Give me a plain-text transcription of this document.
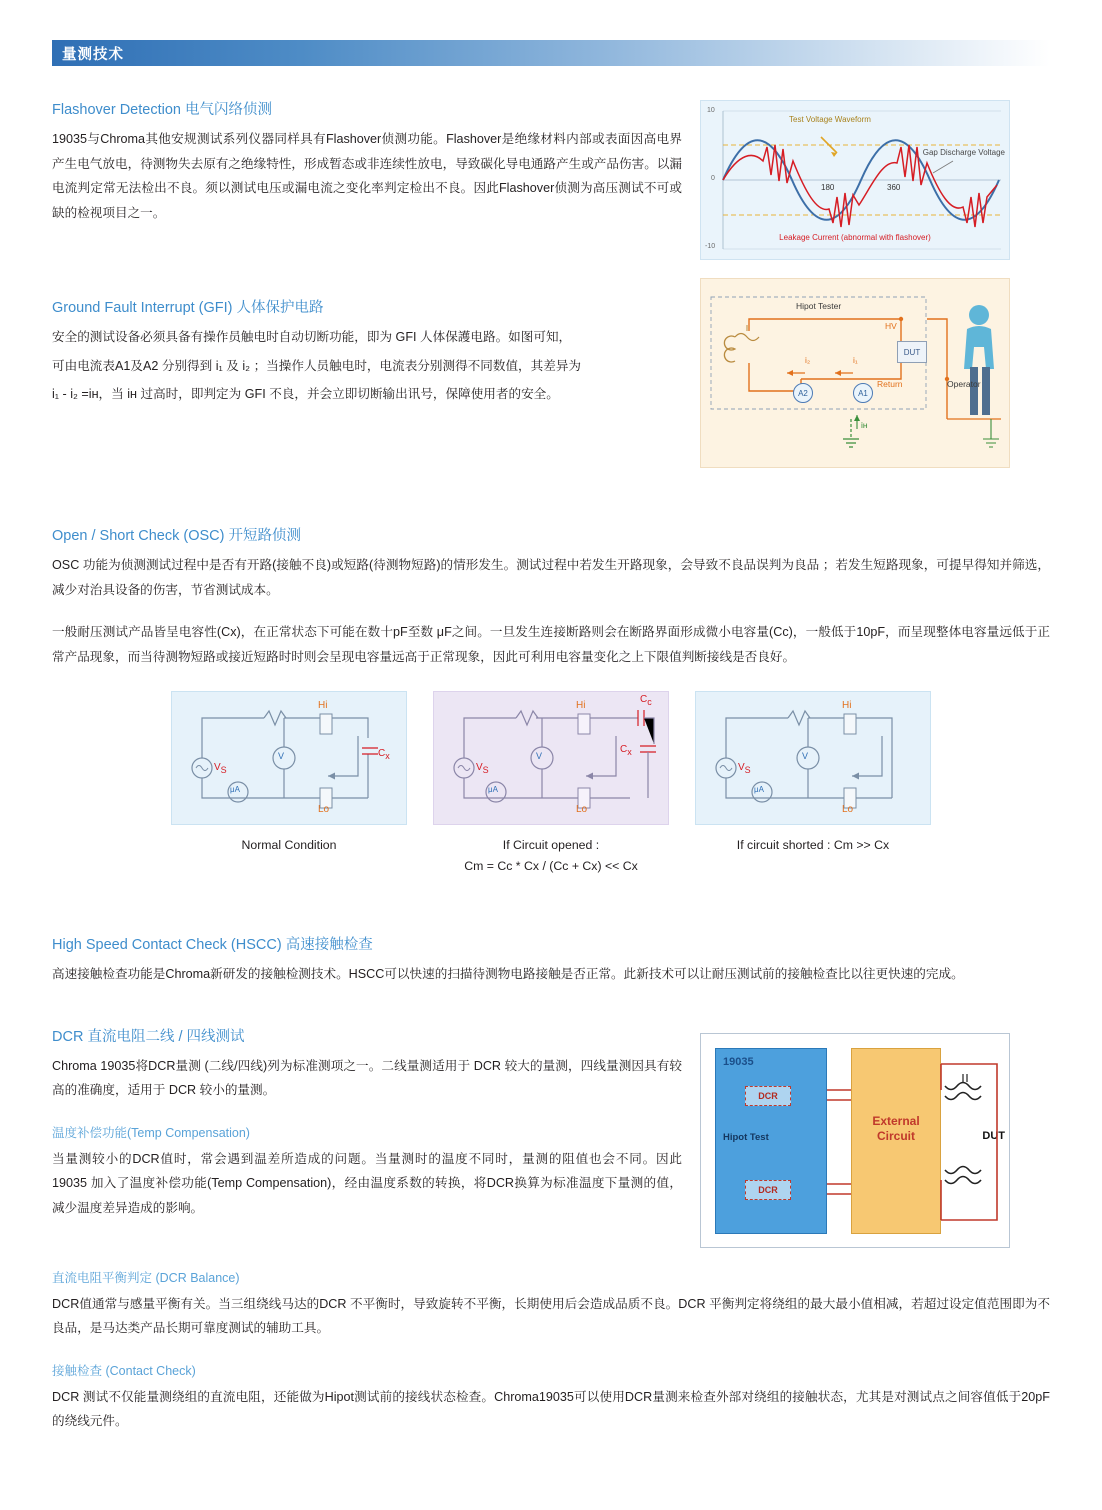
量测技术
Flashover Detection 电气闪络侦测

19035与Chroma其他安规测试系列仪器同样具有Flashover侦测功能。Flashover是绝缘材料内部或表面因高电界产生电气放电，待测物失去原有之绝缘特性，形成暂态或非连续性放电，导致碳化导电通路产生或产品伤害。以漏电流判定常无法检出不良。须以测试电压或漏电流之变化率判定检出不良。因此Flashover侦测为高压测试不可或缺的检视项目之一。

10
0
-10
Test Voltage Waveform
Gap Discharge Voltage
Leakage Current (abnormal with flashover)
180	360
Ground Fault Interrupt (GFI) 人体保护电路

安全的测试设备必须具备有操作员触电时自动切断功能，即为 GFI 人体保護电路。如图可知，

可由电流表A1及A2 分别得到 i₁ 及 i₂ ；当操作人员触电时，电流表分别测得不同数值，其差异为

i₁ - i₂ =iʜ，当 iʜ 过高时，即判定为 GFI 不良，并会立即切断输出讯号，保障使用者的安全。

Hipot Tester
HV
Return
DUT
Operator
i₁
i₂
iʜ
A1
A2
Open / Short Check (OSC) 开短路侦测

OSC 功能为侦测测试过程中是否有开路(接触不良)或短路(待测物短路)的情形发生。测试过程中若发生开路现象，会导致不良品误判为良品 ；若发生短路现象，可提早得知并筛选，减少对治具设备的伤害，节省测试成本。

一般耐压测试产品皆呈电容性(Cx)，在正常状态下可能在数十pF至数 μF之间。一旦发生连接断路则会在断路界面形成微小电容量(Cc)，一般低于10pF，而呈现整体电容量远低于正常产品现象，而当待测物短路或接近短路时时则会呈现电容量远高于正常现象，因此可利用电容量变化之上下限值判断接线是否良好。

Hi
Lo
$V_S$
$C_x$
V
μA
Normal Condition
Hi
Lo
$V_S$
$C_c$
$C_x$
V
μA
If Circuit opened :
Cm = Cc * Cx / (Cc + Cx) << Cx
Hi
Lo
$V_S$
V
μA
If circuit shorted : Cm >> Cx
High Speed Contact Check (HSCC) 高速接触检查

高速接触检查功能是Chroma新研发的接触检测技术。HSCC可以快速的扫描待测物电路接触是否正常。此新技术可以让耐压测试前的接触检查比以往更快速的完成。

DCR 直流电阻二线 / 四线测试

Chroma 19035将DCR量测 (二线/四线)列为标准测项之一。二线量测适用于 DCR 较大的量测，四线量测因具有较高的准确度，适用于 DCR 较小的量测。

温度补偿功能(Temp Compensation)

当量测较小的DCR值时，常会遇到温差所造成的问题。当量测时的温度不同时，量测的阻值也会不同。因此 19035 加入了温度补偿功能(Temp Compensation)，经由温度系数的转换，将DCR换算为标准温度下量测的值，减少温度差异造成的影响。

19035
Hipot Test
DCR
DCR
External
Circuit	DUT
直流电阻平衡判定 (DCR Balance)

DCR值通常与感量平衡有关。当三组绕线马达的DCR 不平衡时，导致旋转不平衡，长期使用后会造成品质不良。DCR 平衡判定将绕组的最大最小值相减，若超过设定值范围即为不良品，是马达类产品长期可靠度测试的辅助工具。

接触检查 (Contact Check)

DCR 测试不仅能量测绕组的直流电阻，还能做为Hipot测试前的接线状态检查。Chroma19035可以使用DCR量测来检查外部对绕组的接触状态，尤其是对测试点之间容值低于20pF 的绕线元件。
